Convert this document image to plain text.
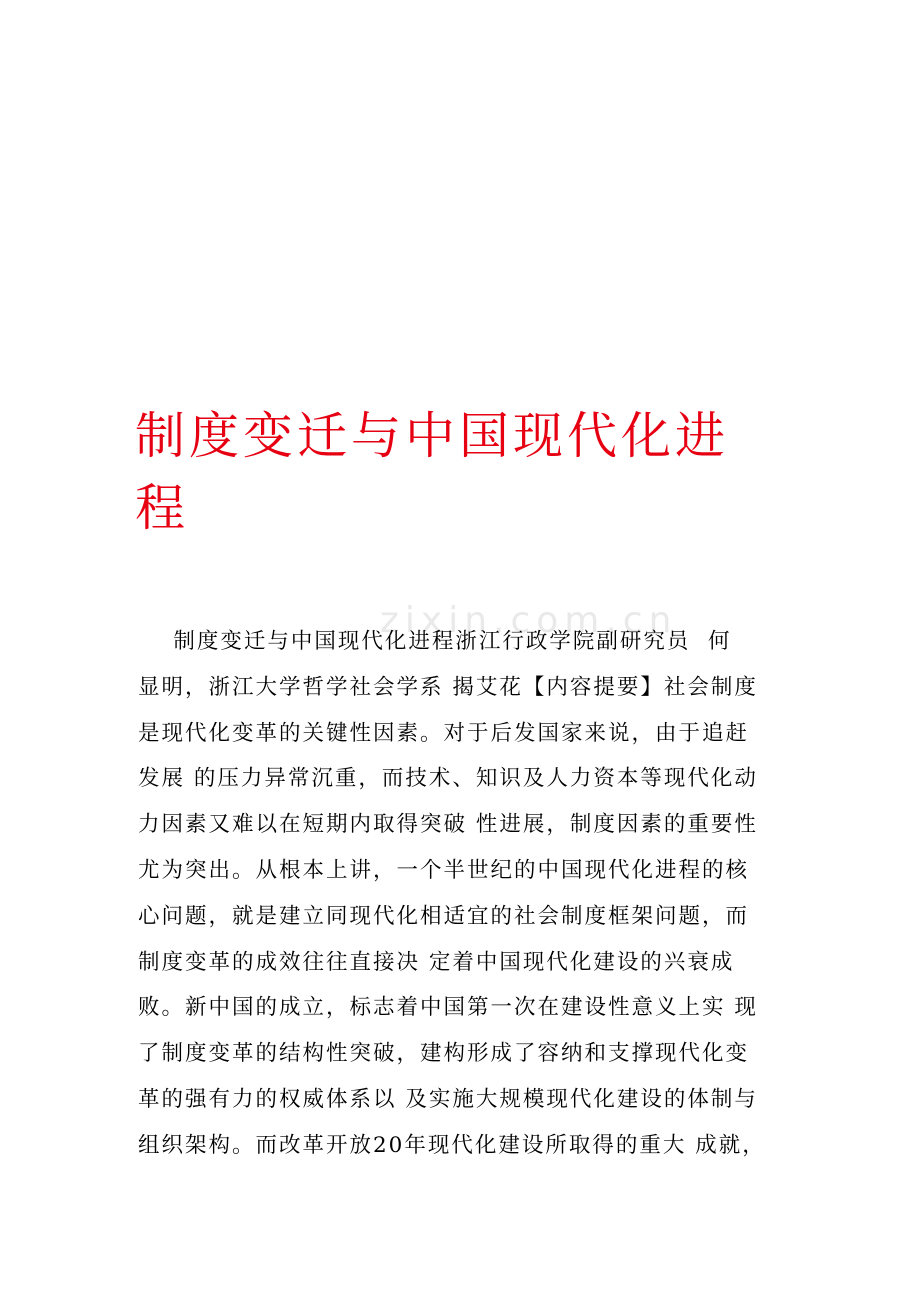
zixin.com.cn
制度变迁与中国现代化进
程

制度变迁与中国现代化进程浙江行政学院副研究员  何
显明，浙江大学哲学社会学系 揭艾花【内容提要】社会制度
是现代化变革的关键性因素。对于后发国家来说，由于追赶
发展 的压力异常沉重，而技术、知识及人力资本等现代化动
力因素又难以在短期内取得突破 性进展，制度因素的重要性
尤为突出。从根本上讲，一个半世纪的中国现代化进程的核
心问题，就是建立同现代化相适宜的社会制度框架问题，而
制度变革的成效往往直接决 定着中国现代化建设的兴衰成
败。新中国的成立，标志着中国第一次在建设性意义上实 现
了制度变革的结构性突破，建构形成了容纳和支撑现代化变
革的强有力的权威体系以 及实施大规模现代化建设的体制与
组织架构。而改革开放20年现代化建设所取得的重大 成就，
